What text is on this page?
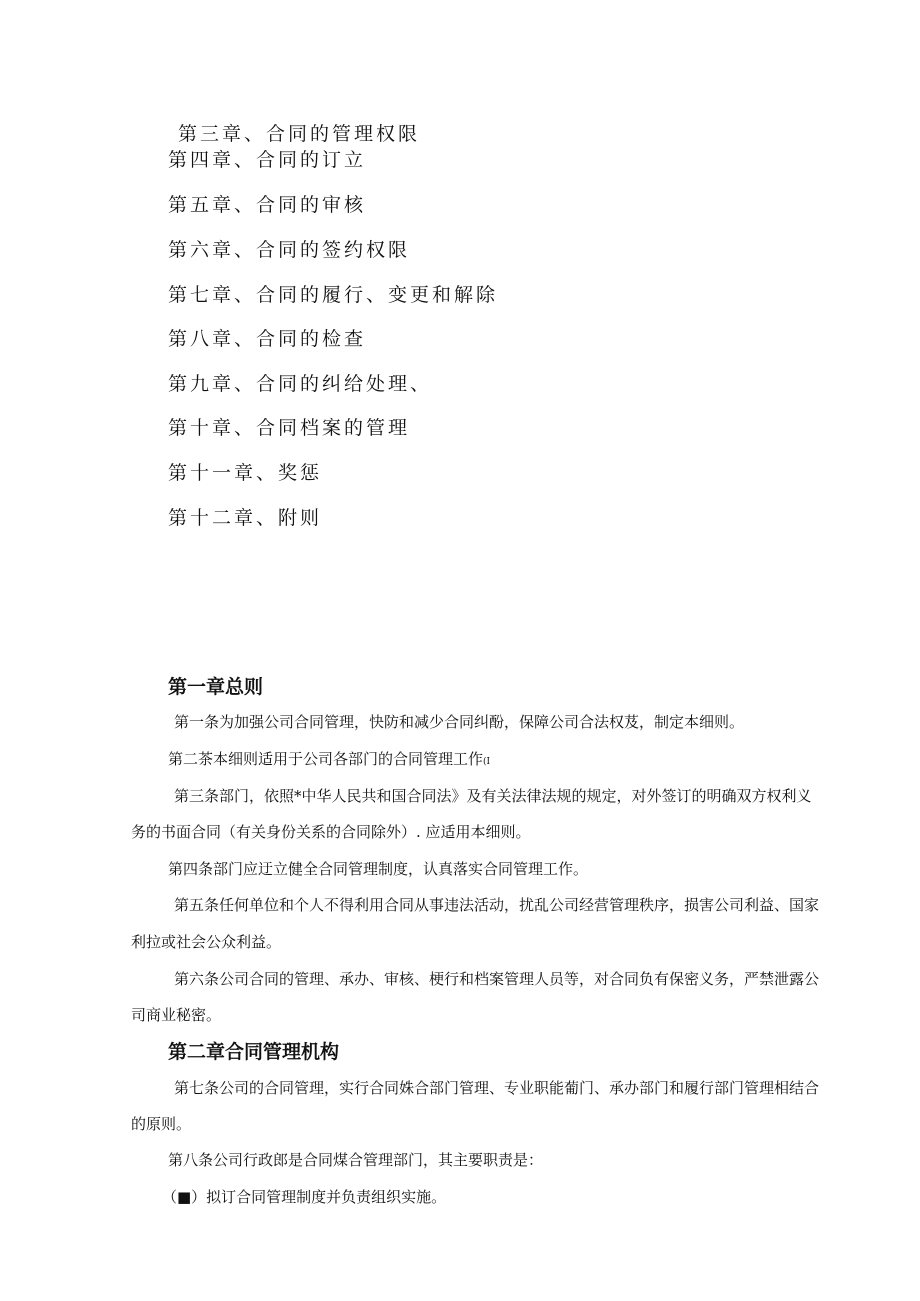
第三章、合同的管理权限
第四章、合同的订立
第五章、合同的审核
第六章、合同的签约权限
第七章、合同的履行、变更和解除
第八章、合同的检查
第九章、合同的纠给处理、
第十章、合同档案的管理
第十一章、奖惩
第十二章、附则
第一章总则
第一条为加强公司合同管理，快防和减少合同纠酚，保障公司合法权芨，制定本细则。
第二茶本细则适用于公司各部门的合同管理工作(I
第三条部门，依照*中华人民共和国合同法》及有关法律法规的规定，对外签订的明确双方权利义
务的书面合同（有关身份关系的合同除外）. 应适用本细则。
第四条部门应迂立健全合同管理制度，认真落实合同管理工作。
第五条任何单位和个人不得利用合同从事违法活动，扰乱公司经营管理秩序，损害公司利益、国家
利拉或社会公众利益。
第六条公司合同的管理、承办、审核、梗行和档案管理人员等，对合同负有保密义务，严禁泄露公
司商业秘密。
第二章合同管理机构
第七条公司的合同管理，实行合同姝合部门管理、专业职能葡门、承办部门和履行部门管理相结合
的原则。
第八条公司行政郎是合同煤合管理部门，其主要职责是：
（■）拟订合同管理制度并负责组织实施。
